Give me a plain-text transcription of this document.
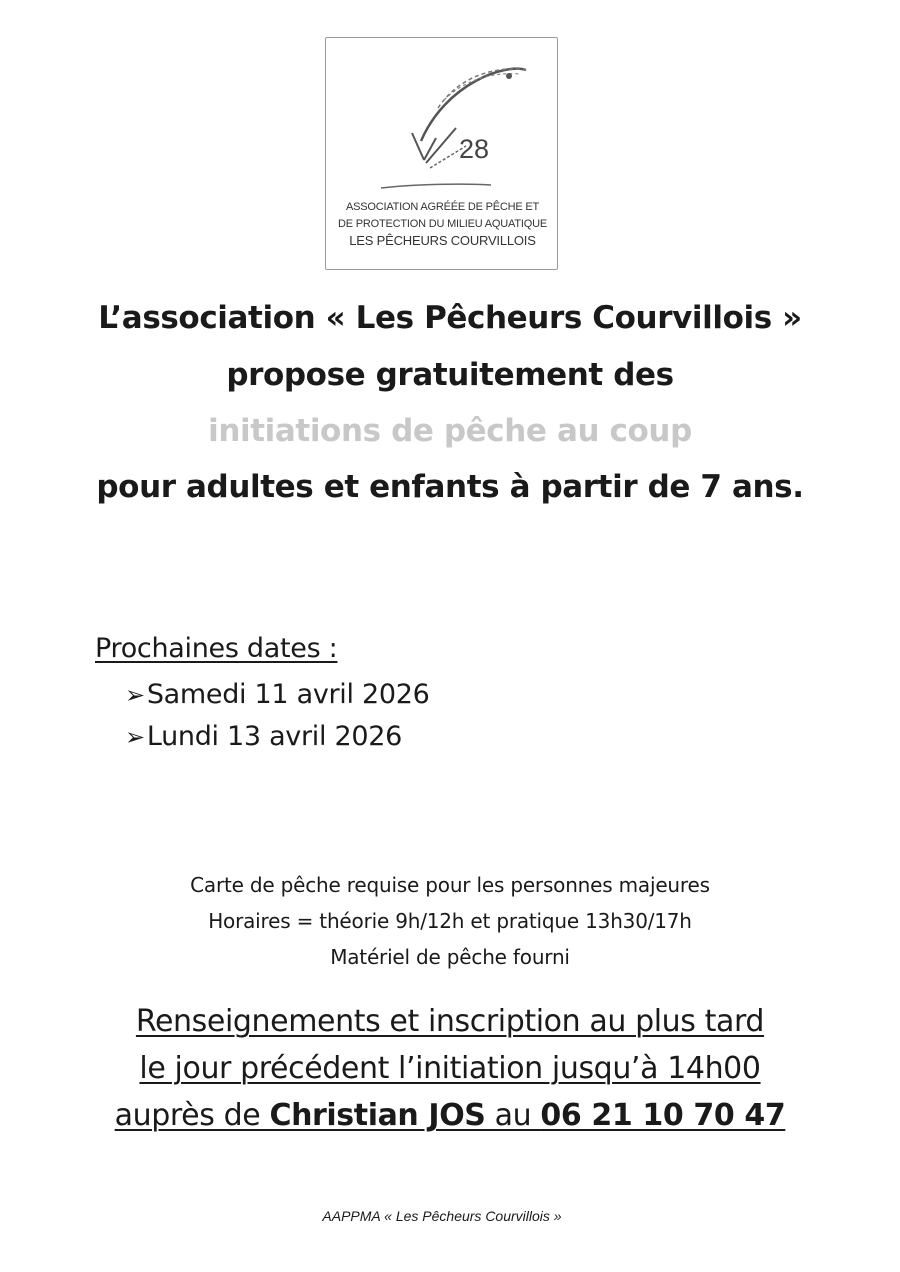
28
ASSOCIATION AGRÉÉE DE PÊCHE ET
DE PROTECTION DU MILIEU AQUATIQUE
LES PÊCHEURS COURVILLOIS
L’association « Les Pêcheurs Courvillois »
propose gratuitement des
initiations de pêche au coup
pour adultes et enfants à partir de 7 ans.
Prochaines dates :
➢Samedi 11 avril 2026
➢Lundi 13 avril 2026
Carte de pêche requise pour les personnes majeures
Horaires = théorie 9h/12h et pratique 13h30/17h
Matériel de pêche fourni
Renseignements et inscription au plus tard
le jour précédent l’initiation jusqu’à 14h00
auprès de Christian JOS au 06 21 10 70 47
AAPPMA « Les Pêcheurs Courvillois »
